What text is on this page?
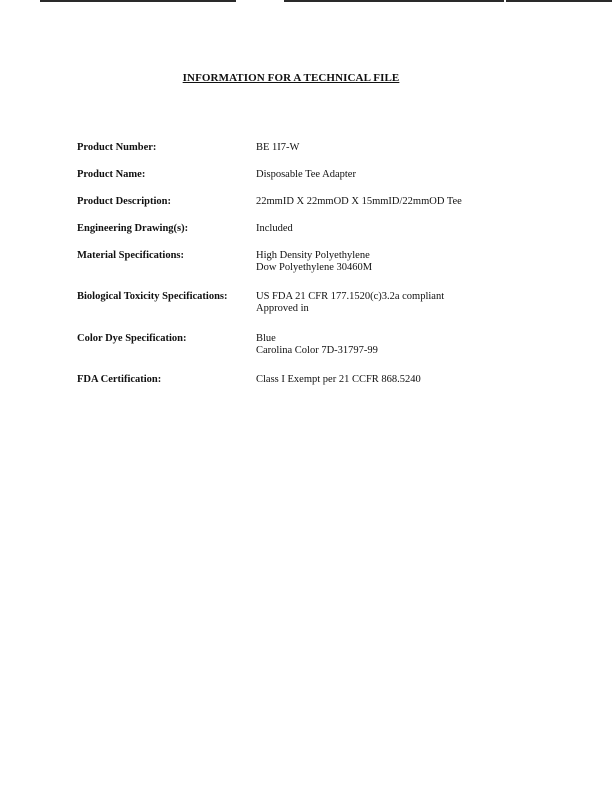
INFORMATION FOR A TECHNICAL FILE
Product Number:	BE 1I7-W
Product Name:	Disposable Tee Adapter
Product Description:	22mmID X 22mmOD X 15mmID/22mmOD Tee
Engineering Drawing(s):	Included
Material Specifications:	High Density Polyethylene
Dow Polyethylene 30460M
Biological Toxicity Specifications:	US FDA 21 CFR 177.1520(c)3.2a compliant
Approved in
Color Dye Specification:	Blue
Carolina Color 7D-31797-99
FDA Certification:	Class I Exempt per 21 CCFR 868.5240
